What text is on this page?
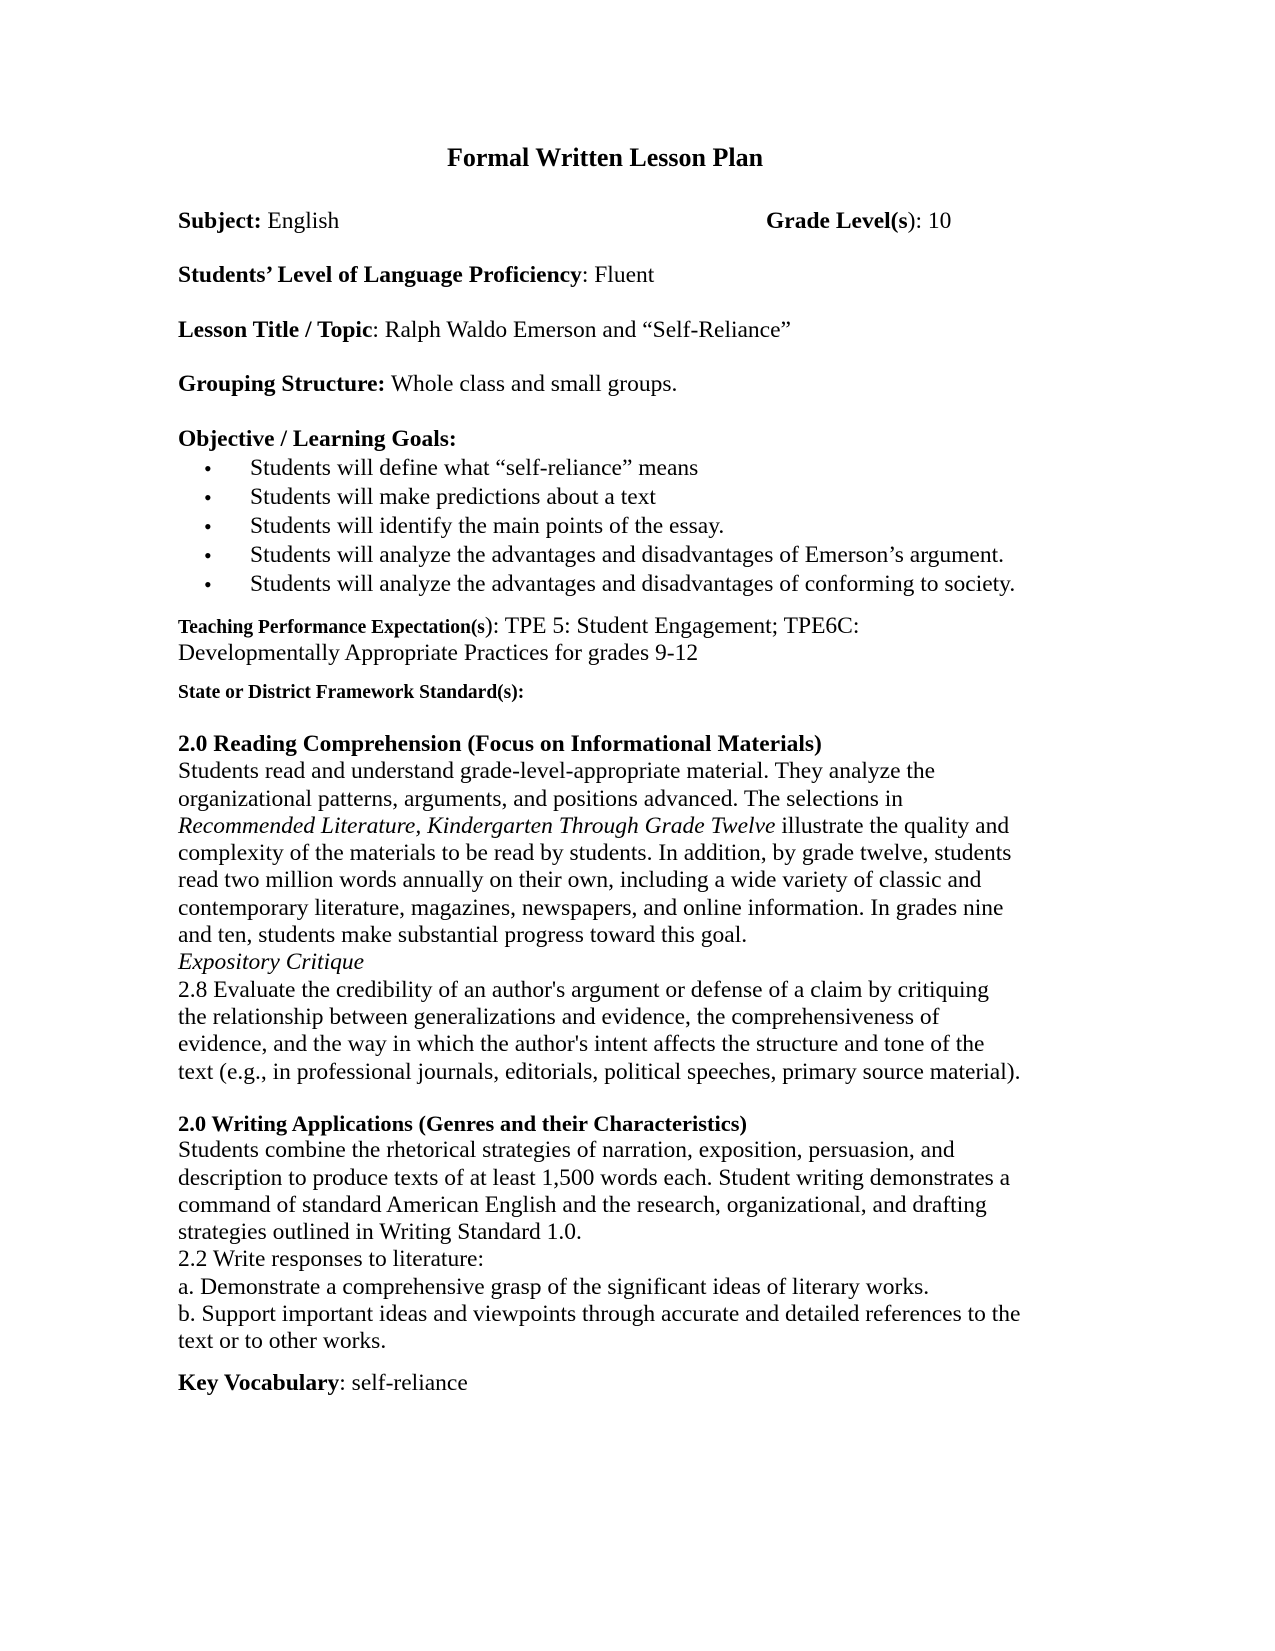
Formal Written Lesson Plan
Subject: English	Grade Level(s): 10
Students’ Level of Language Proficiency: Fluent
Lesson Title / Topic: Ralph Waldo Emerson and “Self-Reliance”
Grouping Structure: Whole class and small groups.
Objective / Learning Goals:
• Students will define what “self-reliance” means
• Students will make predictions about a text
• Students will identify the main points of the essay.
• Students will analyze the advantages and disadvantages of Emerson’s argument.
• Students will analyze the advantages and disadvantages of conforming to society.
Teaching Performance Expectation(s): TPE 5: Student Engagement; TPE6C:
Developmentally Appropriate Practices for grades 9-12
State or District Framework Standard(s):
2.0 Reading Comprehension (Focus on Informational Materials)
Students read and understand grade-level-appropriate material. They analyze the
organizational patterns, arguments, and positions advanced. The selections in
Recommended Literature, Kindergarten Through Grade Twelve illustrate the quality and
complexity of the materials to be read by students. In addition, by grade twelve, students
read two million words annually on their own, including a wide variety of classic and
contemporary literature, magazines, newspapers, and online information. In grades nine
and ten, students make substantial progress toward this goal.
Expository Critique
2.8 Evaluate the credibility of an author's argument or defense of a claim by critiquing
the relationship between generalizations and evidence, the comprehensiveness of
evidence, and the way in which the author's intent affects the structure and tone of the
text (e.g., in professional journals, editorials, political speeches, primary source material).
2.0 Writing Applications (Genres and their Characteristics)
Students combine the rhetorical strategies of narration, exposition, persuasion, and
description to produce texts of at least 1,500 words each. Student writing demonstrates a
command of standard American English and the research, organizational, and drafting
strategies outlined in Writing Standard 1.0.
2.2 Write responses to literature:
a. Demonstrate a comprehensive grasp of the significant ideas of literary works.
b. Support important ideas and viewpoints through accurate and detailed references to the
text or to other works.
Key Vocabulary: self-reliance
